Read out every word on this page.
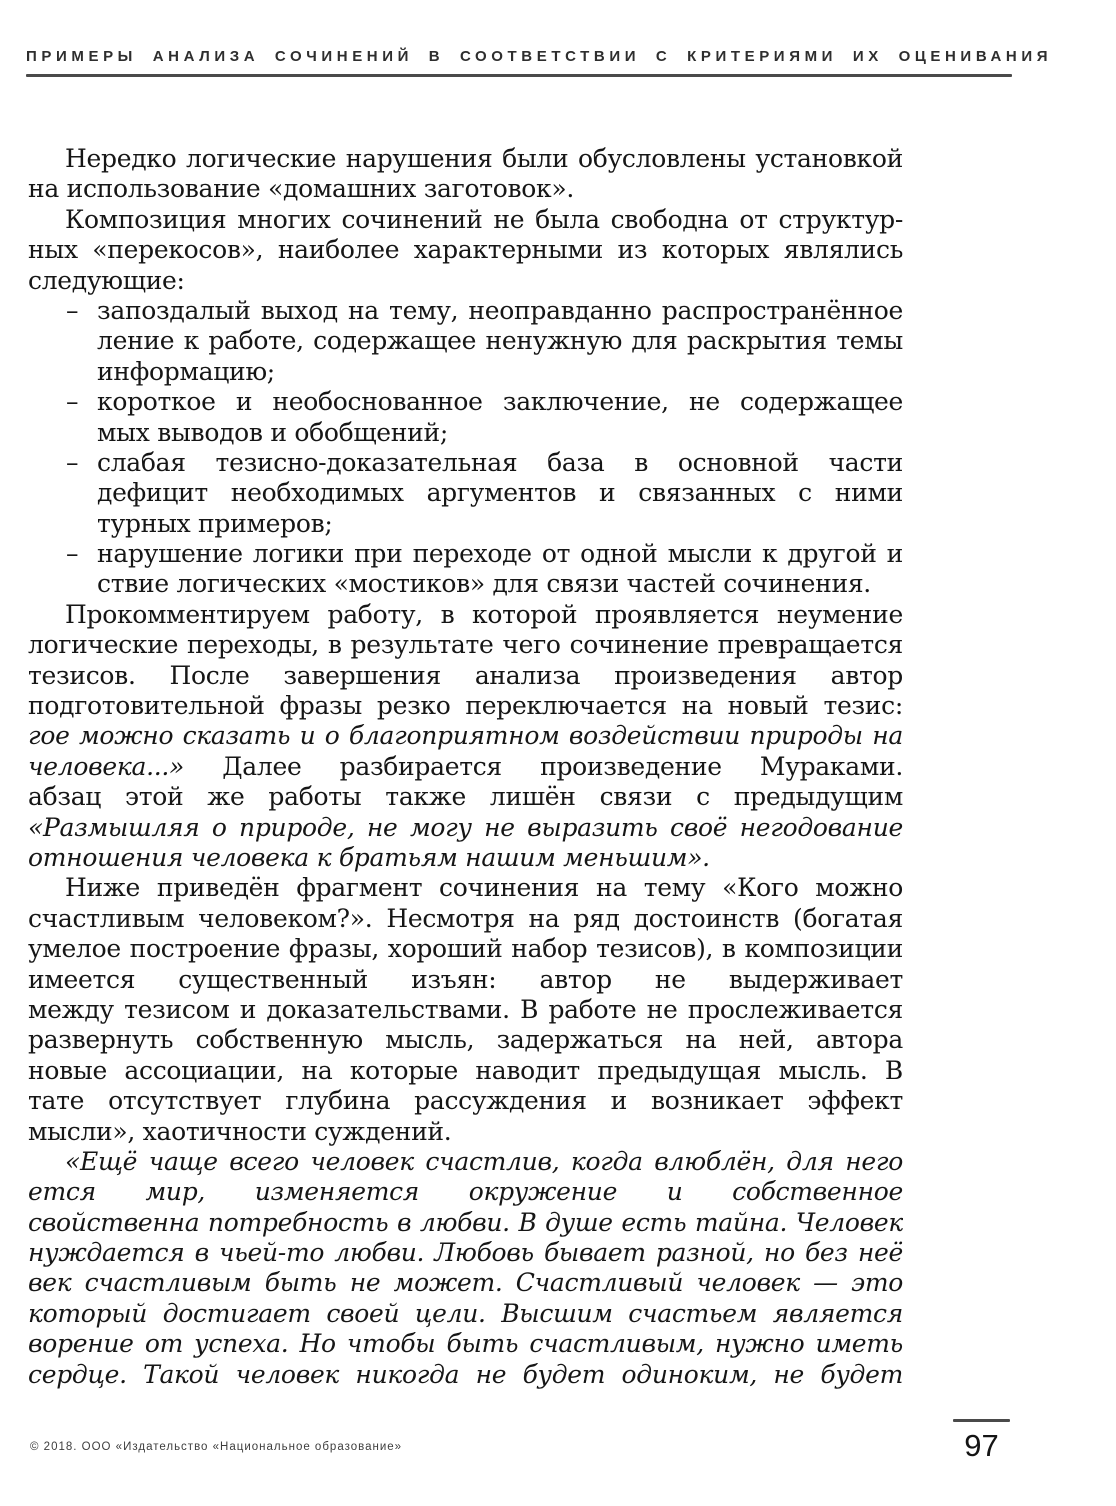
ПРИМЕРЫ АНАЛИЗА СОЧИНЕНИЙ В СООТВЕТСТВИИ С КРИТЕРИЯМИ ИХ ОЦЕНИВАНИЯ
Нередко логические нарушения были обусловлены установкой
на использование «домашних заготовок».
Композиция многих сочинений не была свободна от структур-
ных «перекосов», наиболее характерными из которых являлись
следующие:
– запоздалый выход на тему, неоправданно распространённое
ление к работе, содержащее ненужную для раскрытия темы
информацию;
– короткое и необоснованное заключение, не содержащее
мых выводов и обобщений;
– слабая тезисно-доказательная база в основной части
дефицит необходимых аргументов и связанных с ними
турных примеров;
– нарушение логики при переходе от одной мысли к другой и
ствие логических «мостиков» для связи частей сочинения.
Прокомментируем работу, в которой проявляется неумение
логические переходы, в результате чего сочинение превращается
тезисов. После завершения анализа произведения автор
подготовительной фразы резко переключается на новый тезис:
гое можно сказать и о благоприятном воздействии природы на
человека...» Далее разбирается произведение Мураками.
абзац этой же работы также лишён связи с предыдущим
«Размышляя о природе, не могу не выразить своё негодование
отношения человека к братьям нашим меньшим».
Ниже приведён фрагмент сочинения на тему «Кого можно
счастливым человеком?». Несмотря на ряд достоинств (богатая
умелое построение фразы, хороший набор тезисов), в композиции
имеется существенный изъян: автор не выдерживает
между тезисом и доказательствами. В работе не прослеживается
развернуть собственную мысль, задержаться на ней, автора
новые ассоциации, на которые наводит предыдущая мысль. В
тате отсутствует глубина рассуждения и возникает эффект
мысли», хаотичности суждений.
«Ещё чаще всего человек счастлив, когда влюблён, для него
ется мир, изменяется окружение и собственное
свойственна потребность в любви. В душе есть тайна. Человек
нуждается в чьей-то любви. Любовь бывает разной, но без неё
век счастливым быть не может. Счастливый человек — это
который достигает своей цели. Высшим счастьем является
ворение от успеха. Но чтобы быть счастливым, нужно иметь
сердце. Такой человек никогда не будет одиноким, не будет
© 2018. ООО «Издательство «Национальное образование»	97
